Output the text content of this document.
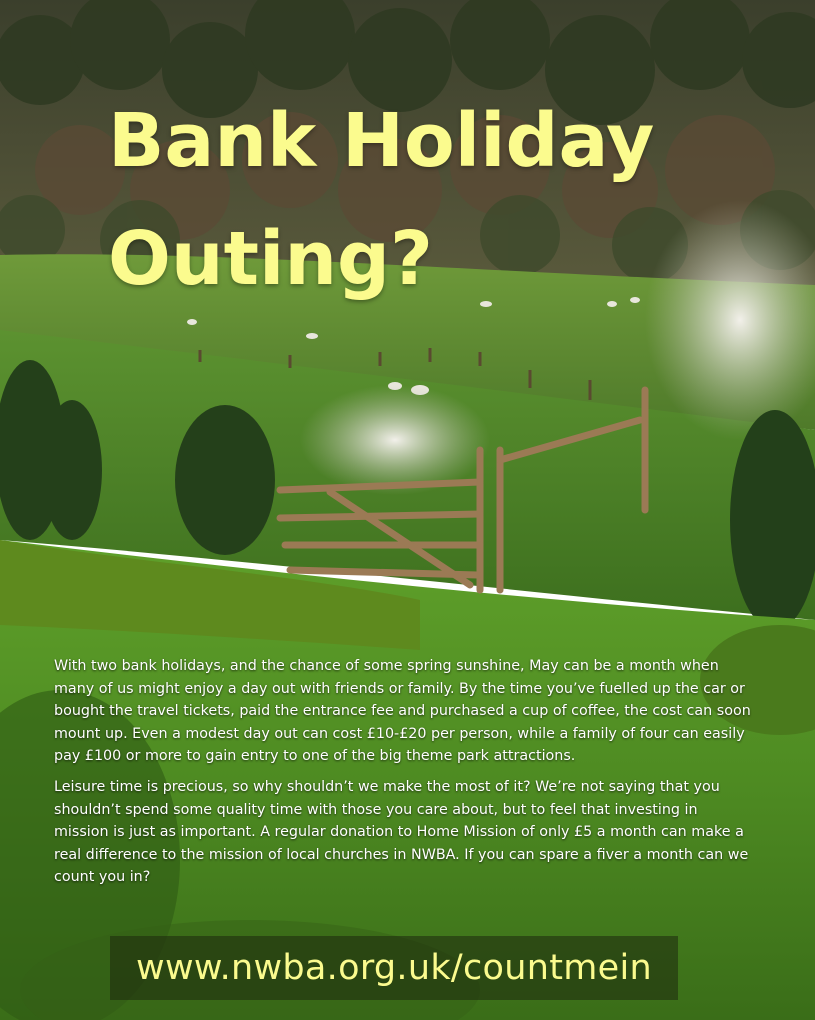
Bank Holiday
Outing?

With two bank holidays, and the chance of some spring sunshine, May can be a month when many of us might enjoy a day out with friends or family. By the time you’ve fuelled up the car or bought the travel tickets, paid the entrance fee and purchased a cup of coffee, the cost can soon mount up. Even a modest day out can cost £10-£20 per person, while a family of four can easily pay £100 or more to gain entry to one of the big theme park attractions.

Leisure time is precious, so why shouldn’t we make the most of it? We’re not saying that you shouldn’t spend some quality time with those you care about, but to feel that investing in mission is just as important. A regular donation to Home Mission of only £5 a month can make a real difference to the mission of local churches in NWBA. If you can spare a fiver a month can we count you in?

www.nwba.org.uk/countmein
